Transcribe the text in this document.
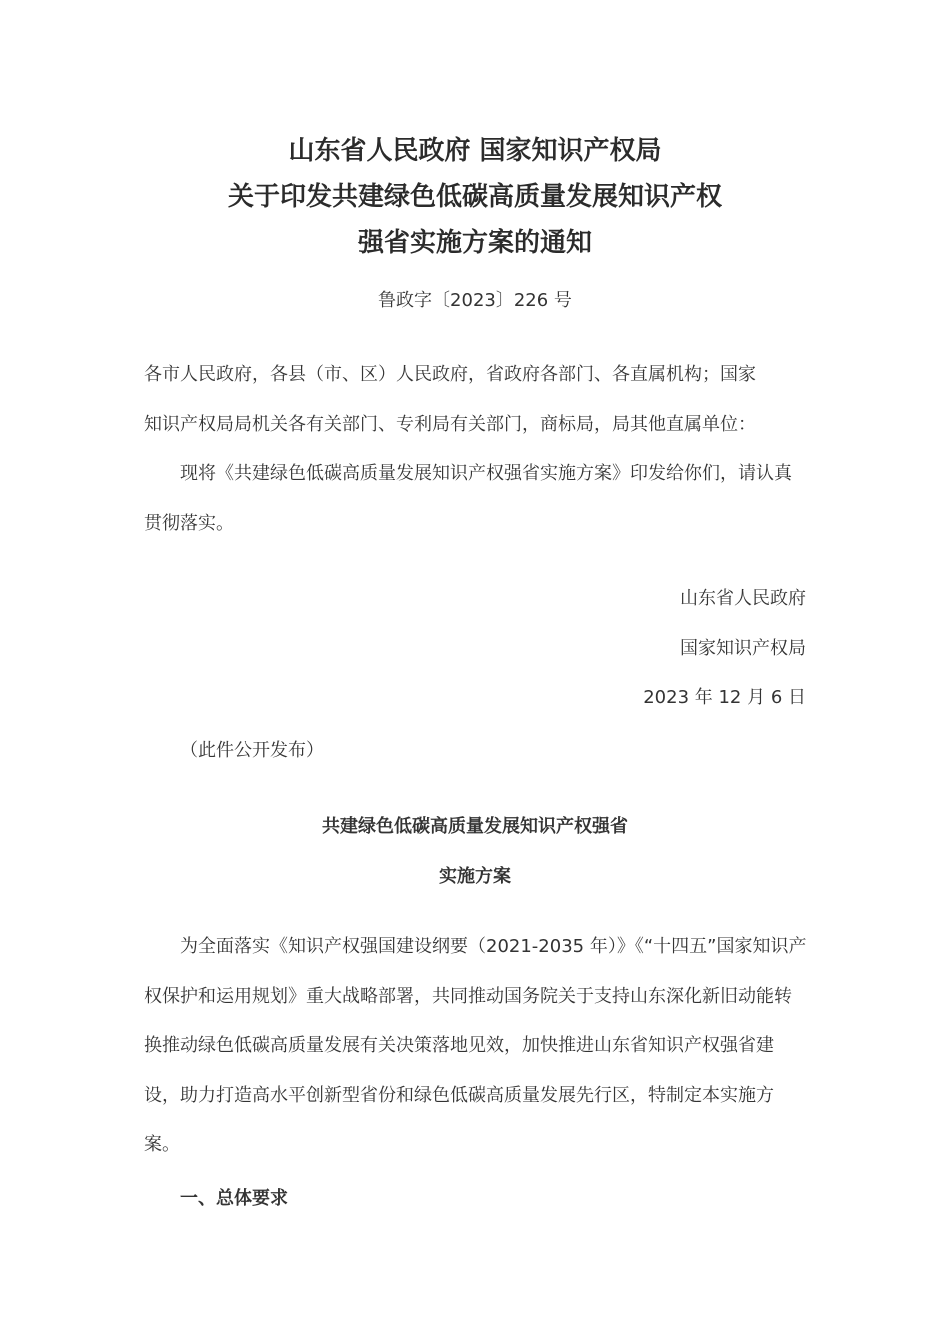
山东省人民政府 国家知识产权局
关于印发共建绿色低碳高质量发展知识产权
强省实施方案的通知
鲁政字〔2023〕226 号

各市人民政府，各县（市、区）人民政府，省政府各部门、各直属机构；国家

知识产权局局机关各有关部门、专利局有关部门，商标局，局其他直属单位：

现将《共建绿色低碳高质量发展知识产权强省实施方案》印发给你们，请认真贯彻落实。

山东省人民政府
国家知识产权局
2023 年 12 月 6 日
（此件公开发布）
共建绿色低碳高质量发展知识产权强省
实施方案

为全面落实《知识产权强国建设纲要（2021-2035 年）》《“十四五”国家知识产权保护和运用规划》重大战略部署，共同推动国务院关于支持山东深化新旧动能转换推动绿色低碳高质量发展有关决策落地见效，加快推进山东省知识产权强省建设，助力打造高水平创新型省份和绿色低碳高质量发展先行区，特制定本实施方案。

一、总体要求
